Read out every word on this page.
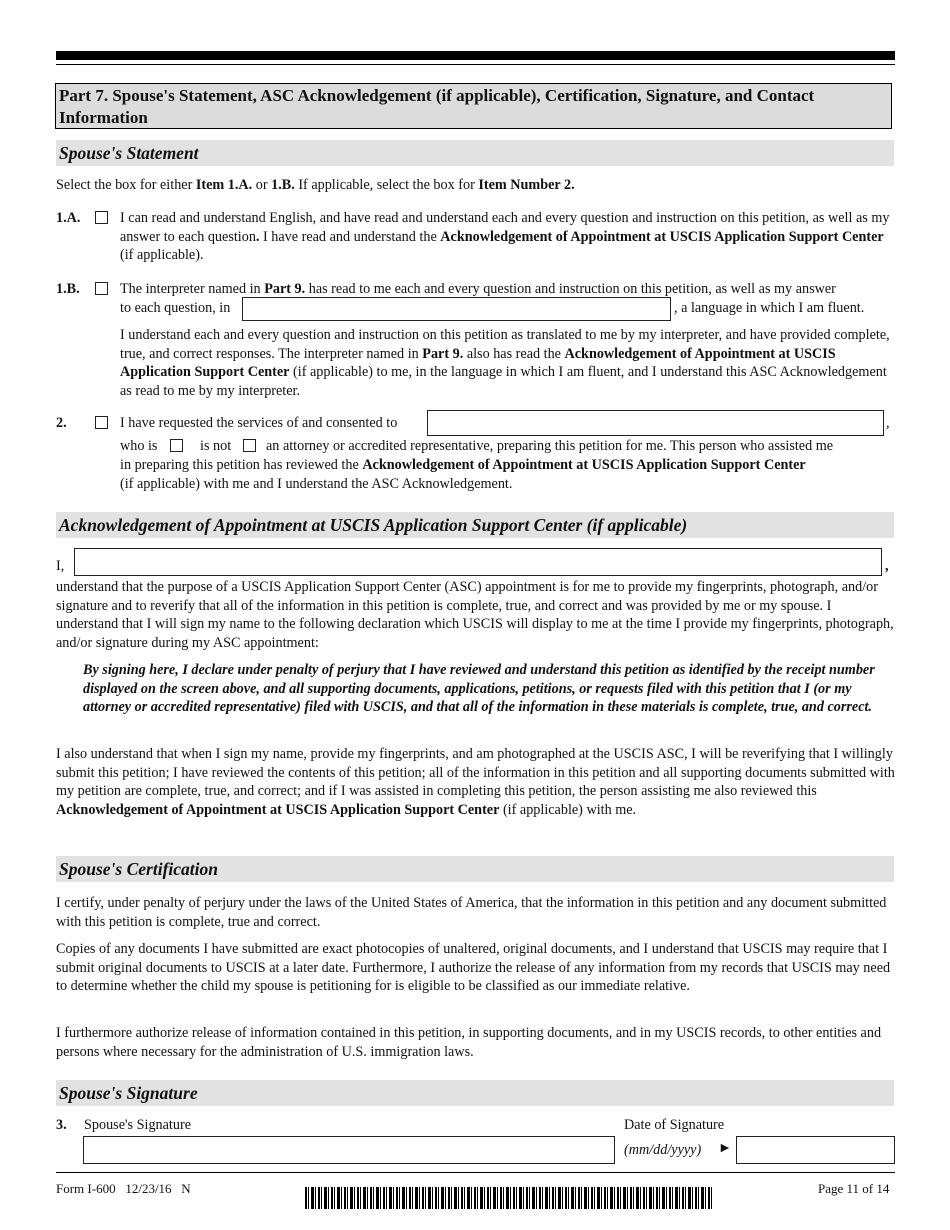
Part 7. Spouse's Statement, ASC Acknowledgement (if applicable), Certification, Signature, and Contact Information
Spouse's Statement
Select the box for either Item 1.A. or 1.B. If applicable, select the box for Item Number 2.
1.A.	I can read and understand English, and have read and understand each and every question and instruction on this petition, as well as my answer to each question. I have read and understand the Acknowledgement of Appointment at USCIS Application Support Center (if applicable).
1.B.	The interpreter named in Part 9. has read to me each and every question and instruction on this petition, as well as my answer
to each question, in	, a language in which I am fluent.
I understand each and every question and instruction on this petition as translated to me by my interpreter, and have provided complete, true, and correct responses. The interpreter named in Part 9. also has read the Acknowledgement of Appointment at USCIS Application Support Center (if applicable) to me, in the language in which I am fluent, and I understand this ASC Acknowledgement as read to me by my interpreter.
2.	I have requested the services of and consented to	,
who is	is not an attorney or accredited representative, preparing this petition for me. This person who assisted me
in preparing this petition has reviewed the Acknowledgement of Appointment at USCIS Application Support Center
(if applicable) with me and I understand the ASC Acknowledgement.
Acknowledgement of Appointment at USCIS Application Support Center (if applicable)
I,	,
understand that the purpose of a USCIS Application Support Center (ASC) appointment is for me to provide my fingerprints, photograph, and/or signature and to reverify that all of the information in this petition is complete, true, and correct and was provided by me or my spouse. I understand that I will sign my name to the following declaration which USCIS will display to me at the time I provide my fingerprints, photograph, and/or signature during my ASC appointment:
By signing here, I declare under penalty of perjury that I have reviewed and understand this petition as identified by the receipt number displayed on the screen above, and all supporting documents, applications, petitions, or requests filed with this petition that I (or my attorney or accredited representative) filed with USCIS, and that all of the information in these materials is complete, true, and correct.
I also understand that when I sign my name, provide my fingerprints, and am photographed at the USCIS ASC, I will be reverifying that I willingly submit this petition; I have reviewed the contents of this petition; all of the information in this petition and all supporting documents submitted with my petition are complete, true, and correct; and if I was assisted in completing this petition, the person assisting me also reviewed this Acknowledgement of Appointment at USCIS Application Support Center (if applicable) with me.
Spouse's Certification
I certify, under penalty of perjury under the laws of the United States of America, that the information in this petition and any document submitted with this petition is complete, true and correct.
Copies of any documents I have submitted are exact photocopies of unaltered, original documents, and I understand that USCIS may require that I submit original documents to USCIS at a later date. Furthermore, I authorize the release of any information from my records that USCIS may need to determine whether the child my spouse is petitioning for is eligible to be classified as our immediate relative.
I furthermore authorize release of information contained in this petition, in supporting documents, and in my USCIS records, to other entities and persons where necessary for the administration of U.S. immigration laws.
Spouse's Signature
3. Spouse's Signature	Date of Signature
(mm/dd/yyyy) ►
Form I-600   12/23/16   N	Page 11 of 14
